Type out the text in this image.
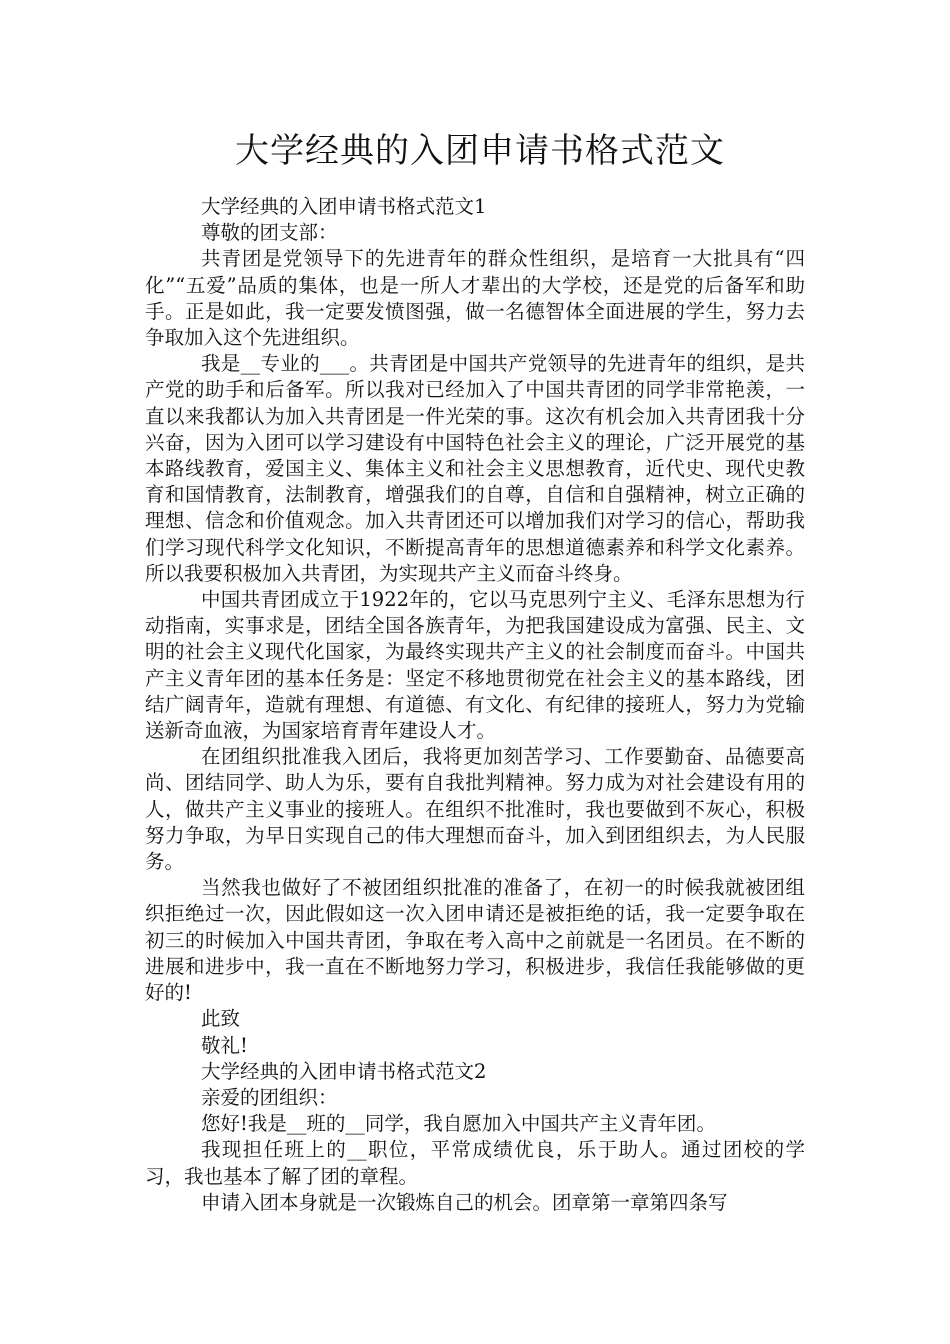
大学经典的入团申请书格式范文

大学经典的入团申请书格式范文1

尊敬的团支部：

共青团是党领导下的先进青年的群众性组织，是培育一大批具有“四化”“五爱”品质的集体，也是一所人才辈出的大学校，还是党的后备军和助手。正是如此，我一定要发愤图强，做一名德智体全面进展的学生，努力去争取加入这个先进组织。

我是__专业的___。共青团是中国共产党领导的先进青年的组织，是共产党的助手和后备军。所以我对已经加入了中国共青团的同学非常艳羡，一直以来我都认为加入共青团是一件光荣的事。这次有机会加入共青团我十分兴奋，因为入团可以学习建设有中国特色社会主义的理论，广泛开展党的基本路线教育，爱国主义、集体主义和社会主义思想教育，近代史、现代史教育和国情教育，法制教育，增强我们的自尊，自信和自强精神，树立正确的理想、信念和价值观念。加入共青团还可以增加我们对学习的信心，帮助我们学习现代科学文化知识，不断提高青年的思想道德素养和科学文化素养。所以我要积极加入共青团，为实现共产主义而奋斗终身。

中国共青团成立于1922年的，它以马克思列宁主义、毛泽东思想为行动指南，实事求是，团结全国各族青年，为把我国建设成为富强、民主、文明的社会主义现代化国家，为最终实现共产主义的社会制度而奋斗。中国共产主义青年团的基本任务是：坚定不移地贯彻党在社会主义的基本路线，团结广阔青年，造就有理想、有道德、有文化、有纪律的接班人，努力为党输送新奇血液，为国家培育青年建设人才。

在团组织批准我入团后，我将更加刻苦学习、工作要勤奋、品德要高尚、团结同学、助人为乐，要有自我批判精神。努力成为对社会建设有用的人，做共产主义事业的接班人。在组织不批准时，我也要做到不灰心，积极努力争取，为早日实现自己的伟大理想而奋斗，加入到团组织去，为人民服务。

当然我也做好了不被团组织批准的准备了，在初一的时候我就被团组织拒绝过一次，因此假如这一次入团申请还是被拒绝的话，我一定要争取在初三的时候加入中国共青团，争取在考入高中之前就是一名团员。在不断的进展和进步中，我一直在不断地努力学习，积极进步，我信任我能够做的更好的!

此致

敬礼!

大学经典的入团申请书格式范文2

亲爱的团组织：

您好!我是__班的__同学，我自愿加入中国共产主义青年团。

我现担任班上的__职位，平常成绩优良，乐于助人。通过团校的学习，我也基本了解了团的章程。

申请入团本身就是一次锻炼自己的机会。团章第一章第四条写
